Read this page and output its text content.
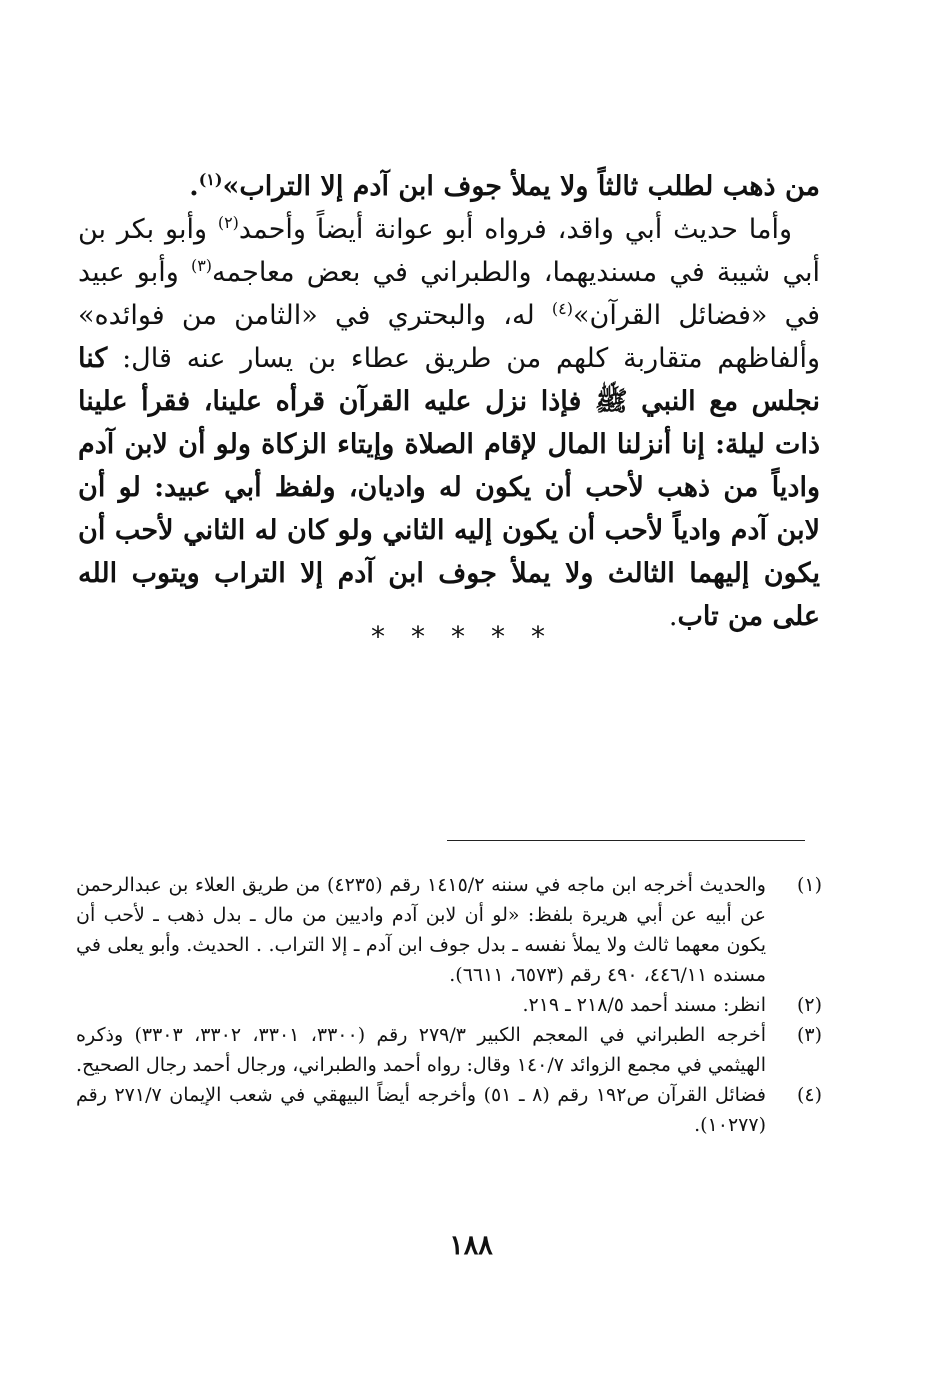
من ذهب لطلب ثالثاً ولا يملأ جوف ابن آدم إلا التراب»$^{(١)}$.

وأما حديث أبي واقد، فرواه أبو عوانة أيضاً وأحمد$^{(٢)}$ وأبو بكر بن أبي شيبة في مسنديهما، والطبراني في بعض معاجمه$^{(٣)}$ وأبو عبيد في «فضائل القرآن»$^{(٤)}$ له، والبحتري في «الثامن من فوائده» وألفاظهم متقاربة كلهم من طريق عطاء بن يسار عنه قال: كنا نجلس مع النبي ﷺ فإذا نزل عليه القرآن قرأه علينا، فقرأ علينا ذات ليلة: إنا أنزلنا المال لإقام الصلاة وإيتاء الزكاة ولو أن لابن آدم وادياً من ذهب لأحب أن يكون له واديان، ولفظ أبي عبيد: لو أن لابن آدم وادياً لأحب أن يكون إليه الثاني ولو كان له الثاني لأحب أن يكون إليهما الثالث ولا يملأ جوف ابن آدم إلا التراب ويتوب الله على من تاب.

*****
(١)
والحديث أخرجه ابن ماجه في سننه ١٤١٥/٢ رقم (٤٢٣٥) من طريق العلاء بن عبدالرحمن عن أبيه عن أبي هريرة بلفظ: «لو أن لابن آدم واديين من مال ـ بدل ذهب ـ لأحب أن يكون معهما ثالث ولا يملأ نفسه ـ بدل جوف ابن آدم ـ إلا التراب. . الحديث. وأبو يعلى في مسنده ٤٤٦/١١، ٤٩٠ رقم (٦٥٧٣، ٦٦١١).
(٢)
انظر: مسند أحمد ٢١٨/٥ ـ ٢١٩.
(٣)
أخرجه الطبراني في المعجم الكبير ٢٧٩/٣ رقم (٣٣٠٠، ٣٣٠١، ٣٣٠٢، ٣٣٠٣) وذكره الهيثمي في مجمع الزوائد ١٤٠/٧ وقال: رواه أحمد والطبراني، ورجال أحمد رجال الصحيح.
(٤)
فضائل القرآن ص١٩٢ رقم (٨ ـ ٥١) وأخرجه أيضاً البيهقي في شعب الإيمان ٢٧١/٧ رقم (١٠٢٧٧).
١٨٨
